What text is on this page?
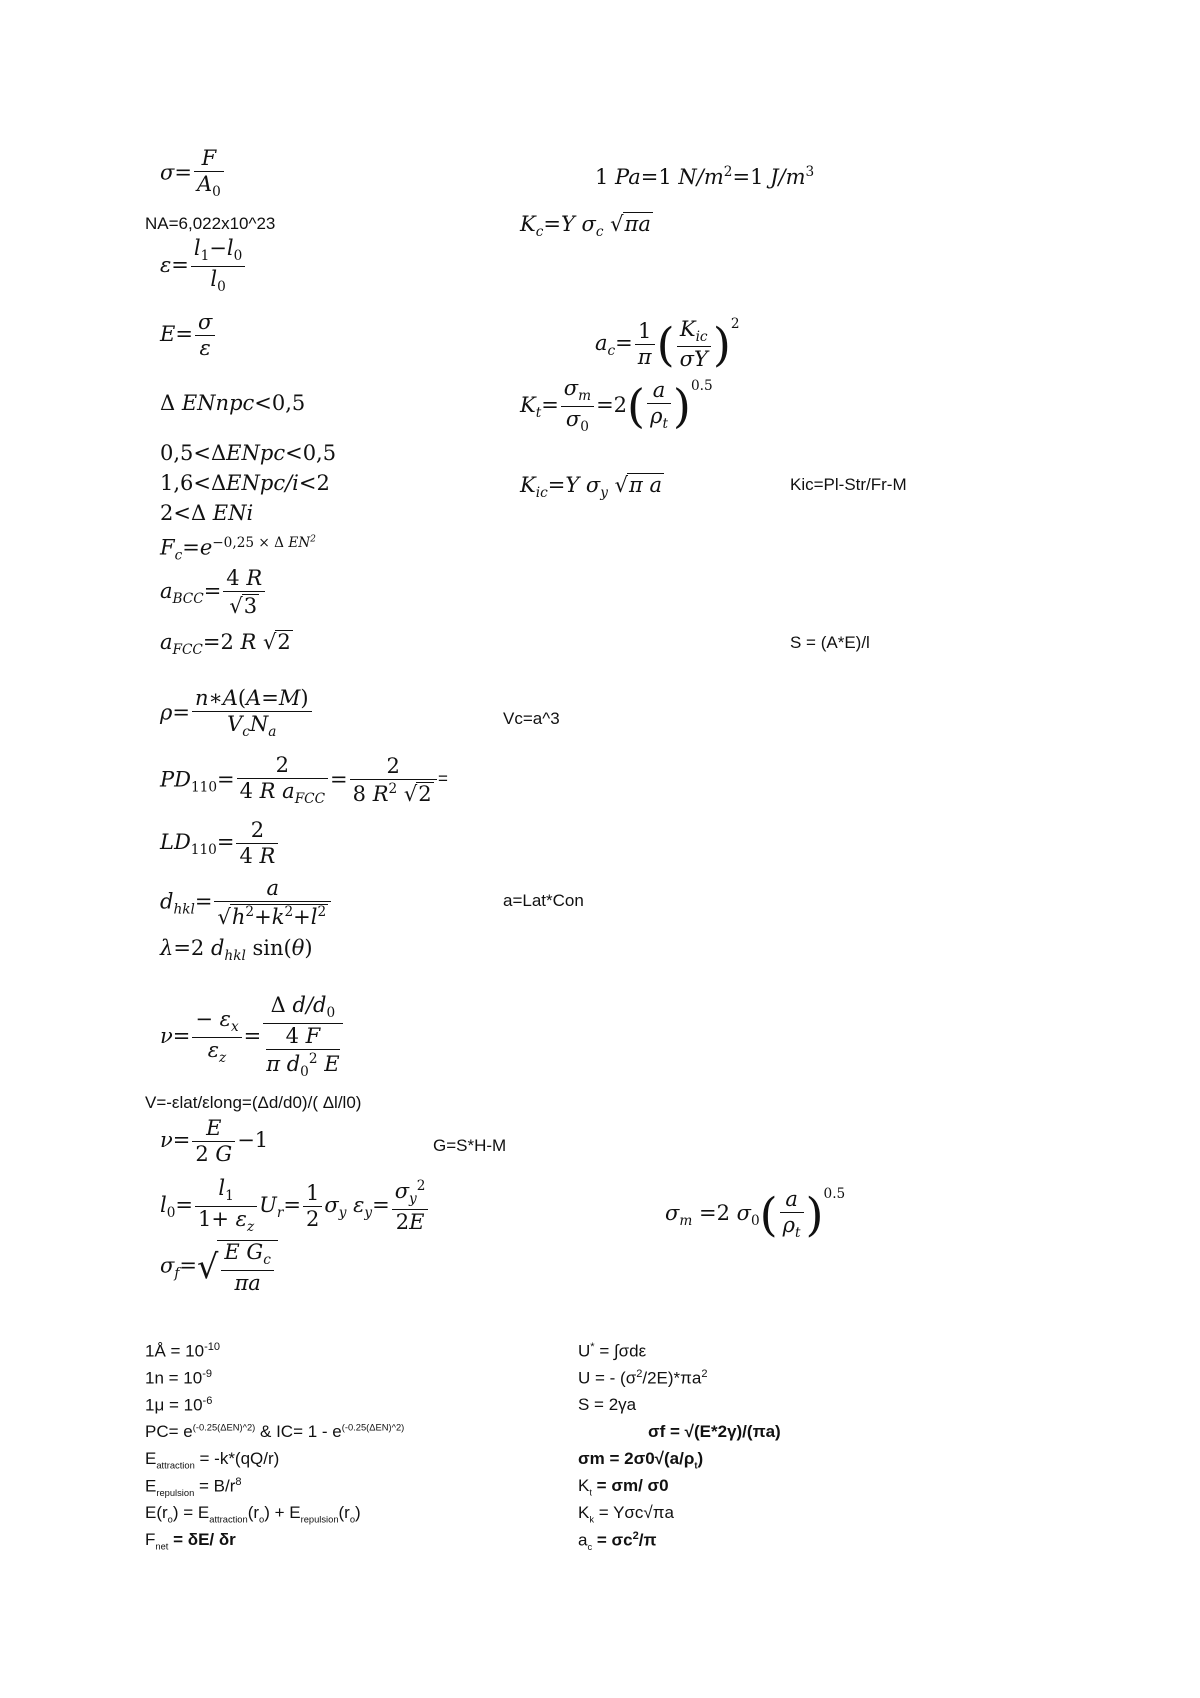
$\sigma= \frac{F}{A_0}$
NA=6,022x10^23
$\varepsilon= \frac{l_1-l_0}{l_0}$
$E= \frac{\sigma}{\varepsilon}$
Δ ENnpc<0,5
0,5<ΔENpc<0,5
1,6<ΔENpc/i<2
2<Δ ENi
$F_c=e^{-0,25 \times \Delta EN^2}$
$a_{BCC}= \frac{4 R}{√3}$
$a_{FCC}=2$ R √2
$\rho= \frac{n∗A(A=M)}{V_cN_a}$
$PD_{110}= \frac{2}{4 R a_{FCC}} = \frac{2}{8 R^2 √2}$
$LD_{110}= \frac{2}{4 R}$
$d_{hkl}= \frac{a}{√h^2+k^2+l^2}$
λ=2 $d_{hkl}$ sin(θ)
$\nu= \frac{- \varepsilon_x}{\varepsilon_z} = \Delta$ $d/d_0$
4 F
π $d_0^2$ E
V=-εlat/εlong=(Δd/d0)/( Δl/l0)
$\nu= \frac{E}{2 G} -1$
$l_0= \frac{l_1}{1+ \varepsilon_z} U_r= \frac{1}{2} \sigma_y$ $\varepsilon_y= \frac{\sigma_y^2}{2E}$
$\sigma_f=√ \frac{E G_c}{\pi a}$
1 Pa=1 $N/m^2=1$ $J/m^3$
$K_c=Y$ $\sigma_c$ √πa
$a_c= \frac{1}{\pi}$ ( $\frac{K_{ic}}{\sigma Y} )^2$
$K_t= \frac{\sigma_m}{\sigma_0} =2( \frac{a}{\rho_t} )^{0.5}$
$K_{ic}=Y$ $\sigma_y$ √π a	Kic=Pl-Str/Fr-M
S = (A*E)/l
Vc=a^3
=
a=Lat*Con
G=S*H-M
$\sigma_m =2$ $\sigma_0( \frac{a}{\rho_t} )^{0.5}$
1Å = $10^{-10}$
$1n = 10^{-9}$
$1\mu = 10^{-6}$
$PC= e^{(-0.25(\Delta EN)\^{}2)}$ & $IC= 1 - e^{(-0.25(\Delta EN)\^{}2)}$
$E_{attraction} = -k*(qQ/r)$
$E_{repulsion} = B/r^8$
$E(r_o) = E_{attraction}(r_o) + E_{repulsion}(r_o)$
$F_{net} = \delta E/$ δr
U* = ∫σdε
U = - $(\sigma^2/2E)*\pi a^2$
S = 2γa
σf = √(E*2γ)/(πa)
$\sigma m = 2\sigma 0√(a/\rho_t)$
$K_t = \sigma m/$ σ0
$K_k = Y\sigma c√\pi a$
$a_c = \sigma c^2/\pi$
